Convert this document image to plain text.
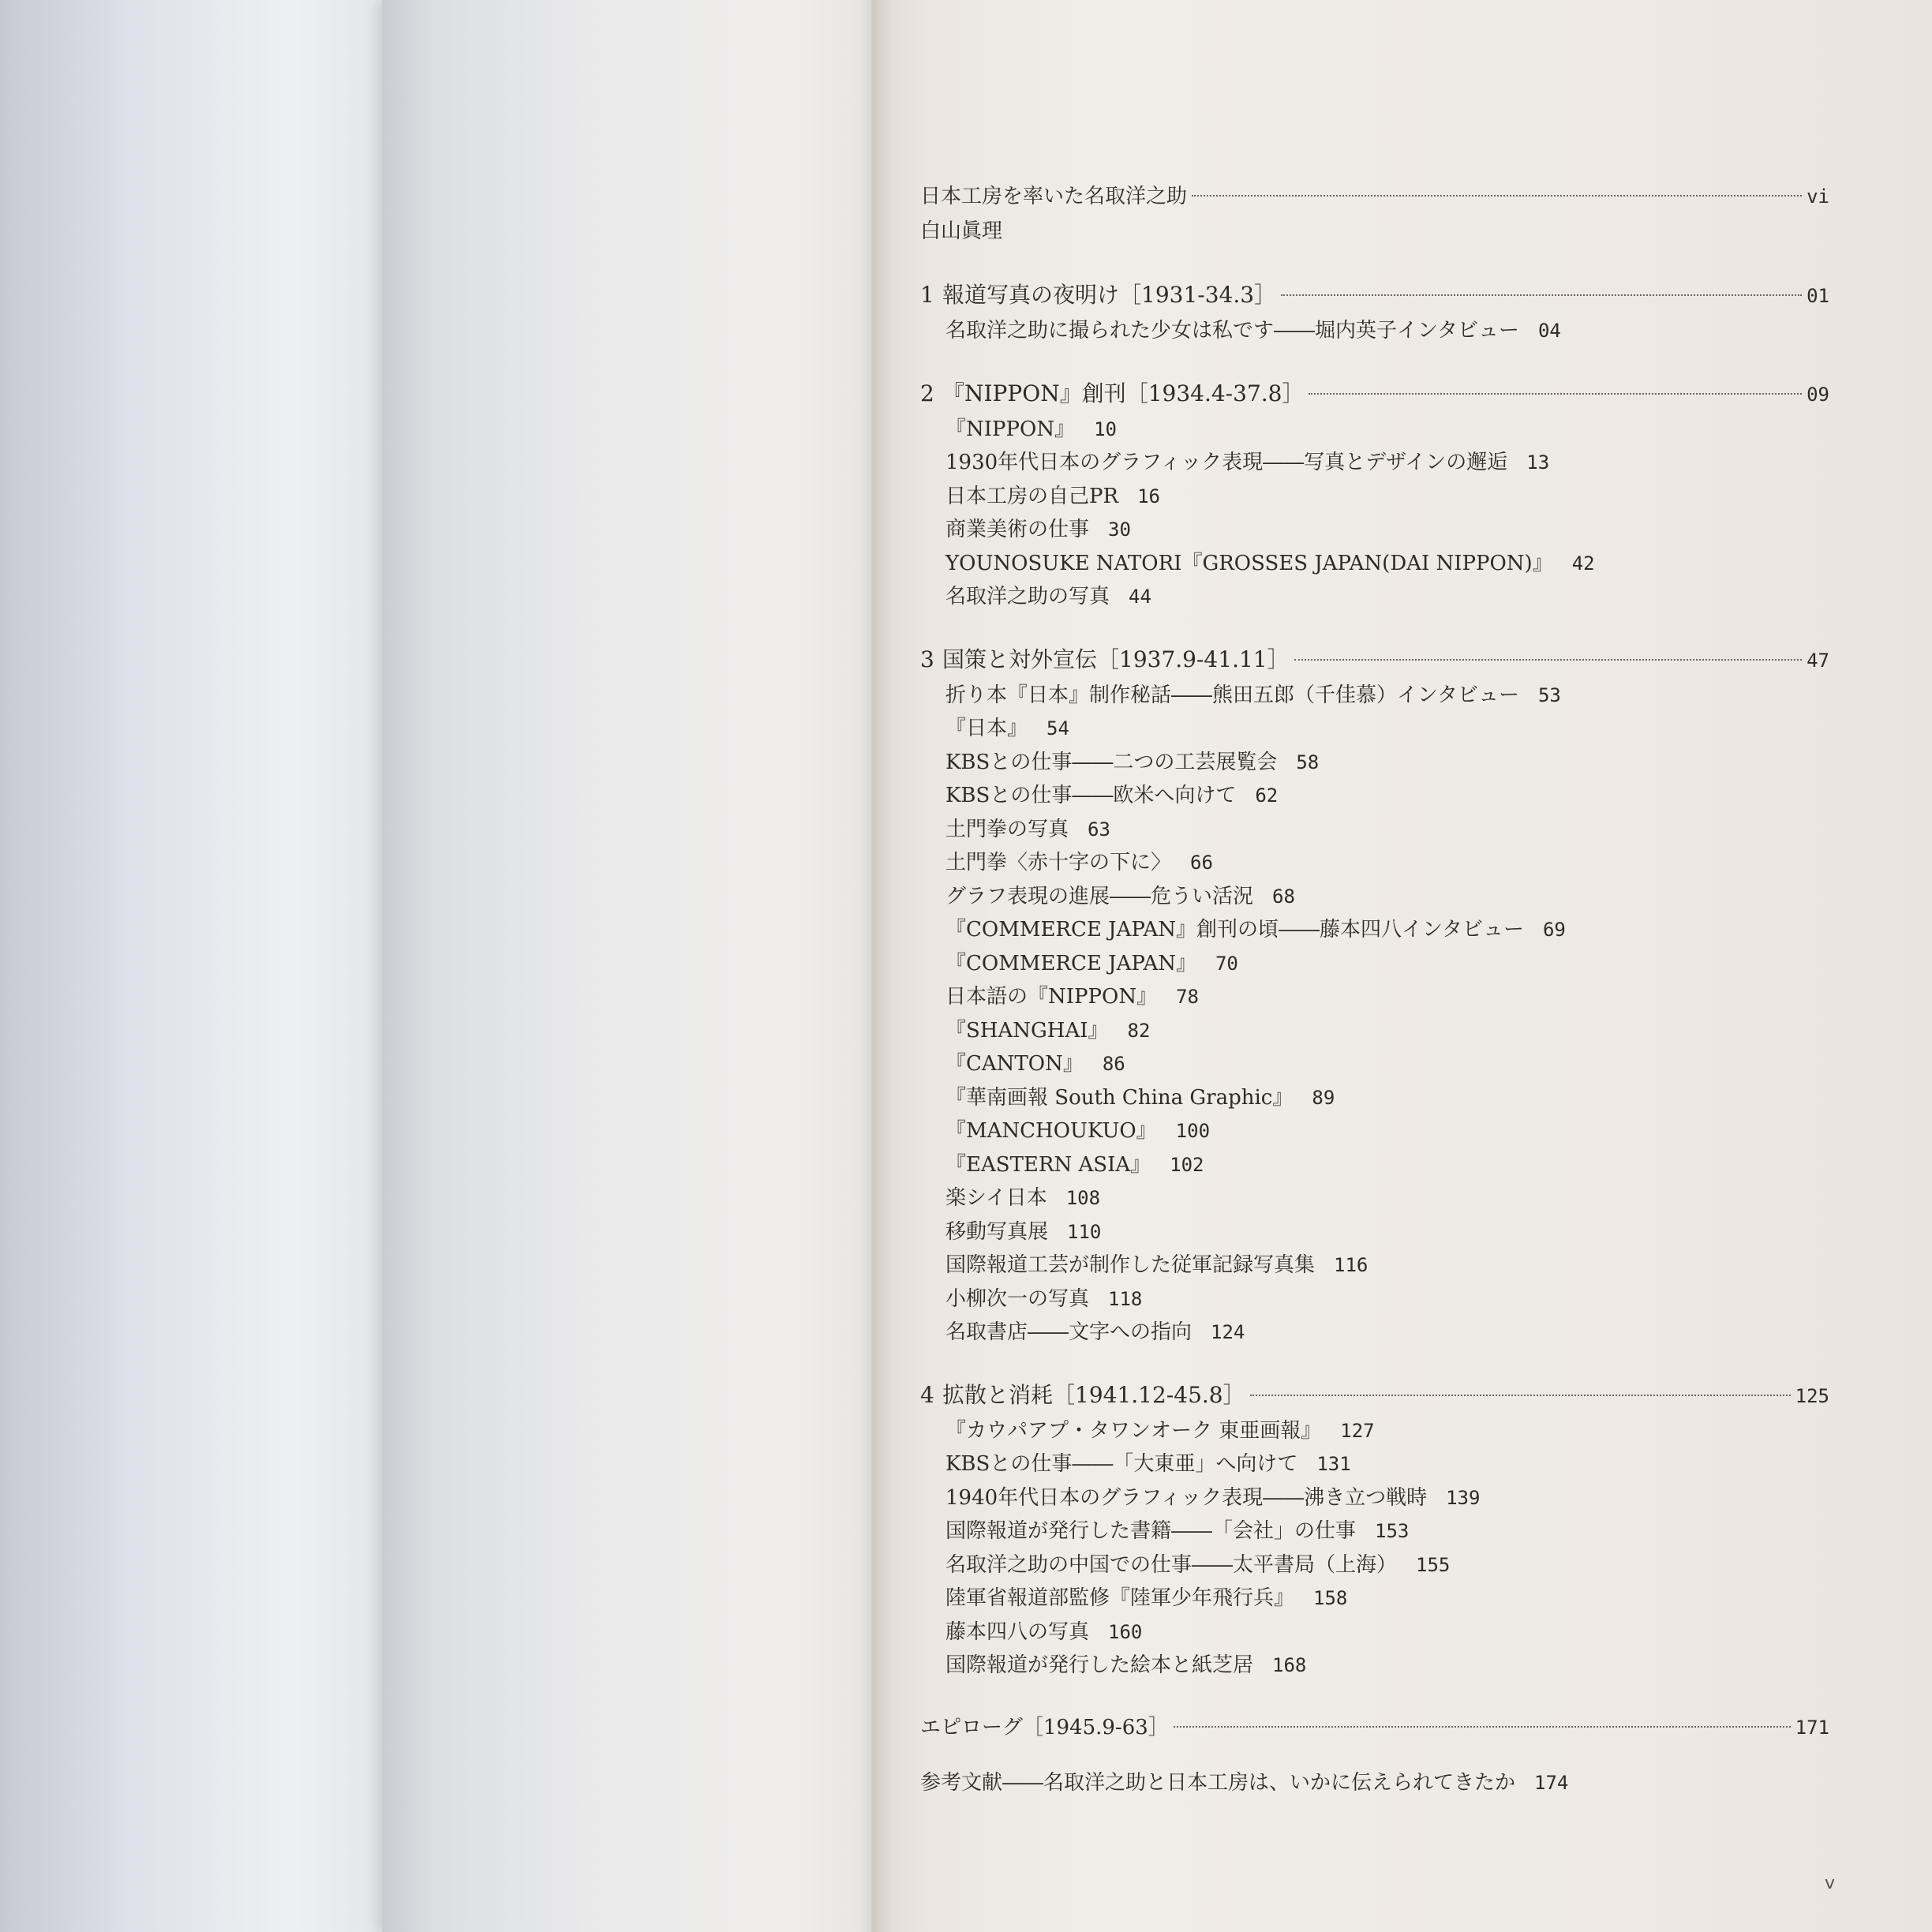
日本工房を率いた名取洋之助	vi
白山眞理
1 報道写真の夜明け［1931-34.3］	01
名取洋之助に撮られた少女は私です――堀内英子インタビュー 04
2 『NIPPON』創刊［1934.4-37.8］	09
『NIPPON』 10
1930年代日本のグラフィック表現――写真とデザインの邂逅 13
日本工房の自己PR 16
商業美術の仕事 30
YOUNOSUKE NATORI『GROSSES JAPAN(DAI NIPPON)』 42
名取洋之助の写真 44
3 国策と対外宣伝［1937.9-41.11］	47
折り本『日本』制作秘話――熊田五郎（千佳慕）インタビュー 53
『日本』 54
KBSとの仕事――二つの工芸展覧会 58
KBSとの仕事――欧米へ向けて 62
土門拳の写真 63
土門拳〈赤十字の下に〉 66
グラフ表現の進展――危うい活況 68
『COMMERCE JAPAN』創刊の頃――藤本四八インタビュー 69
『COMMERCE JAPAN』 70
日本語の『NIPPON』 78
『SHANGHAI』 82
『CANTON』 86
『華南画報 South China Graphic』 89
『MANCHOUKUO』 100
『EASTERN ASIA』 102
楽シイ日本 108
移動写真展 110
国際報道工芸が制作した従軍記録写真集 116
小柳次一の写真 118
名取書店――文字への指向 124
4 拡散と消耗［1941.12-45.8］	125
『カウパアプ・タワンオーク 東亜画報』 127
KBSとの仕事――「大東亜」へ向けて 131
1940年代日本のグラフィック表現――沸き立つ戦時 139
国際報道が発行した書籍――「会社」の仕事 153
名取洋之助の中国での仕事――太平書局（上海） 155
陸軍省報道部監修『陸軍少年飛行兵』 158
藤本四八の写真 160
国際報道が発行した絵本と紙芝居 168
エピローグ［1945.9-63］	171
参考文献――名取洋之助と日本工房は、いかに伝えられてきたか 174
v
